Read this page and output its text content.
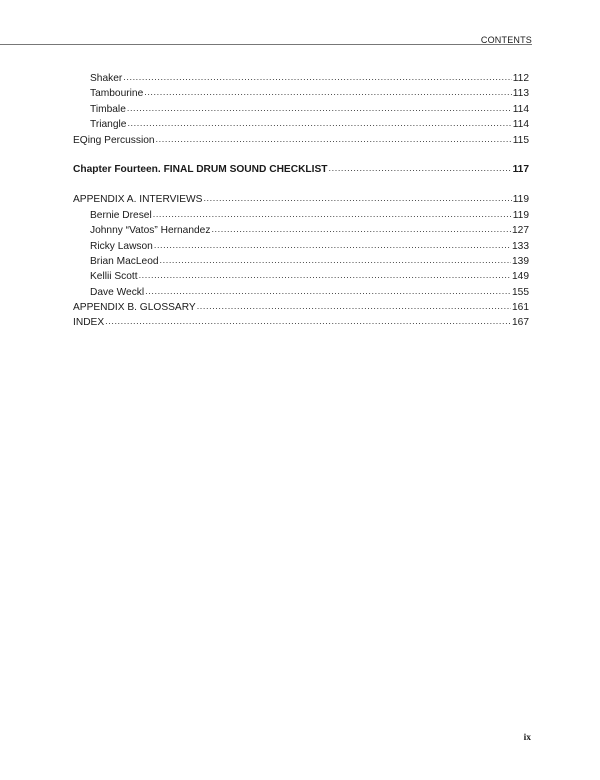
CONTENTS
Shaker .....	112
Tambourine .....	113
Timbale .....	114
Triangle .....	114
EQing Percussion .....	115
Chapter Fourteen. FINAL DRUM SOUND CHECKLIST .....	117
APPENDIX A. INTERVIEWS .....	119
Bernie Dresel .....	119
Johnny “Vatos” Hernandez .....	127
Ricky Lawson .....	133
Brian MacLeod .....	139
Kellii Scott .....	149
Dave Weckl .....	155
APPENDIX B. GLOSSARY .....	161
INDEX .....	167
ix
